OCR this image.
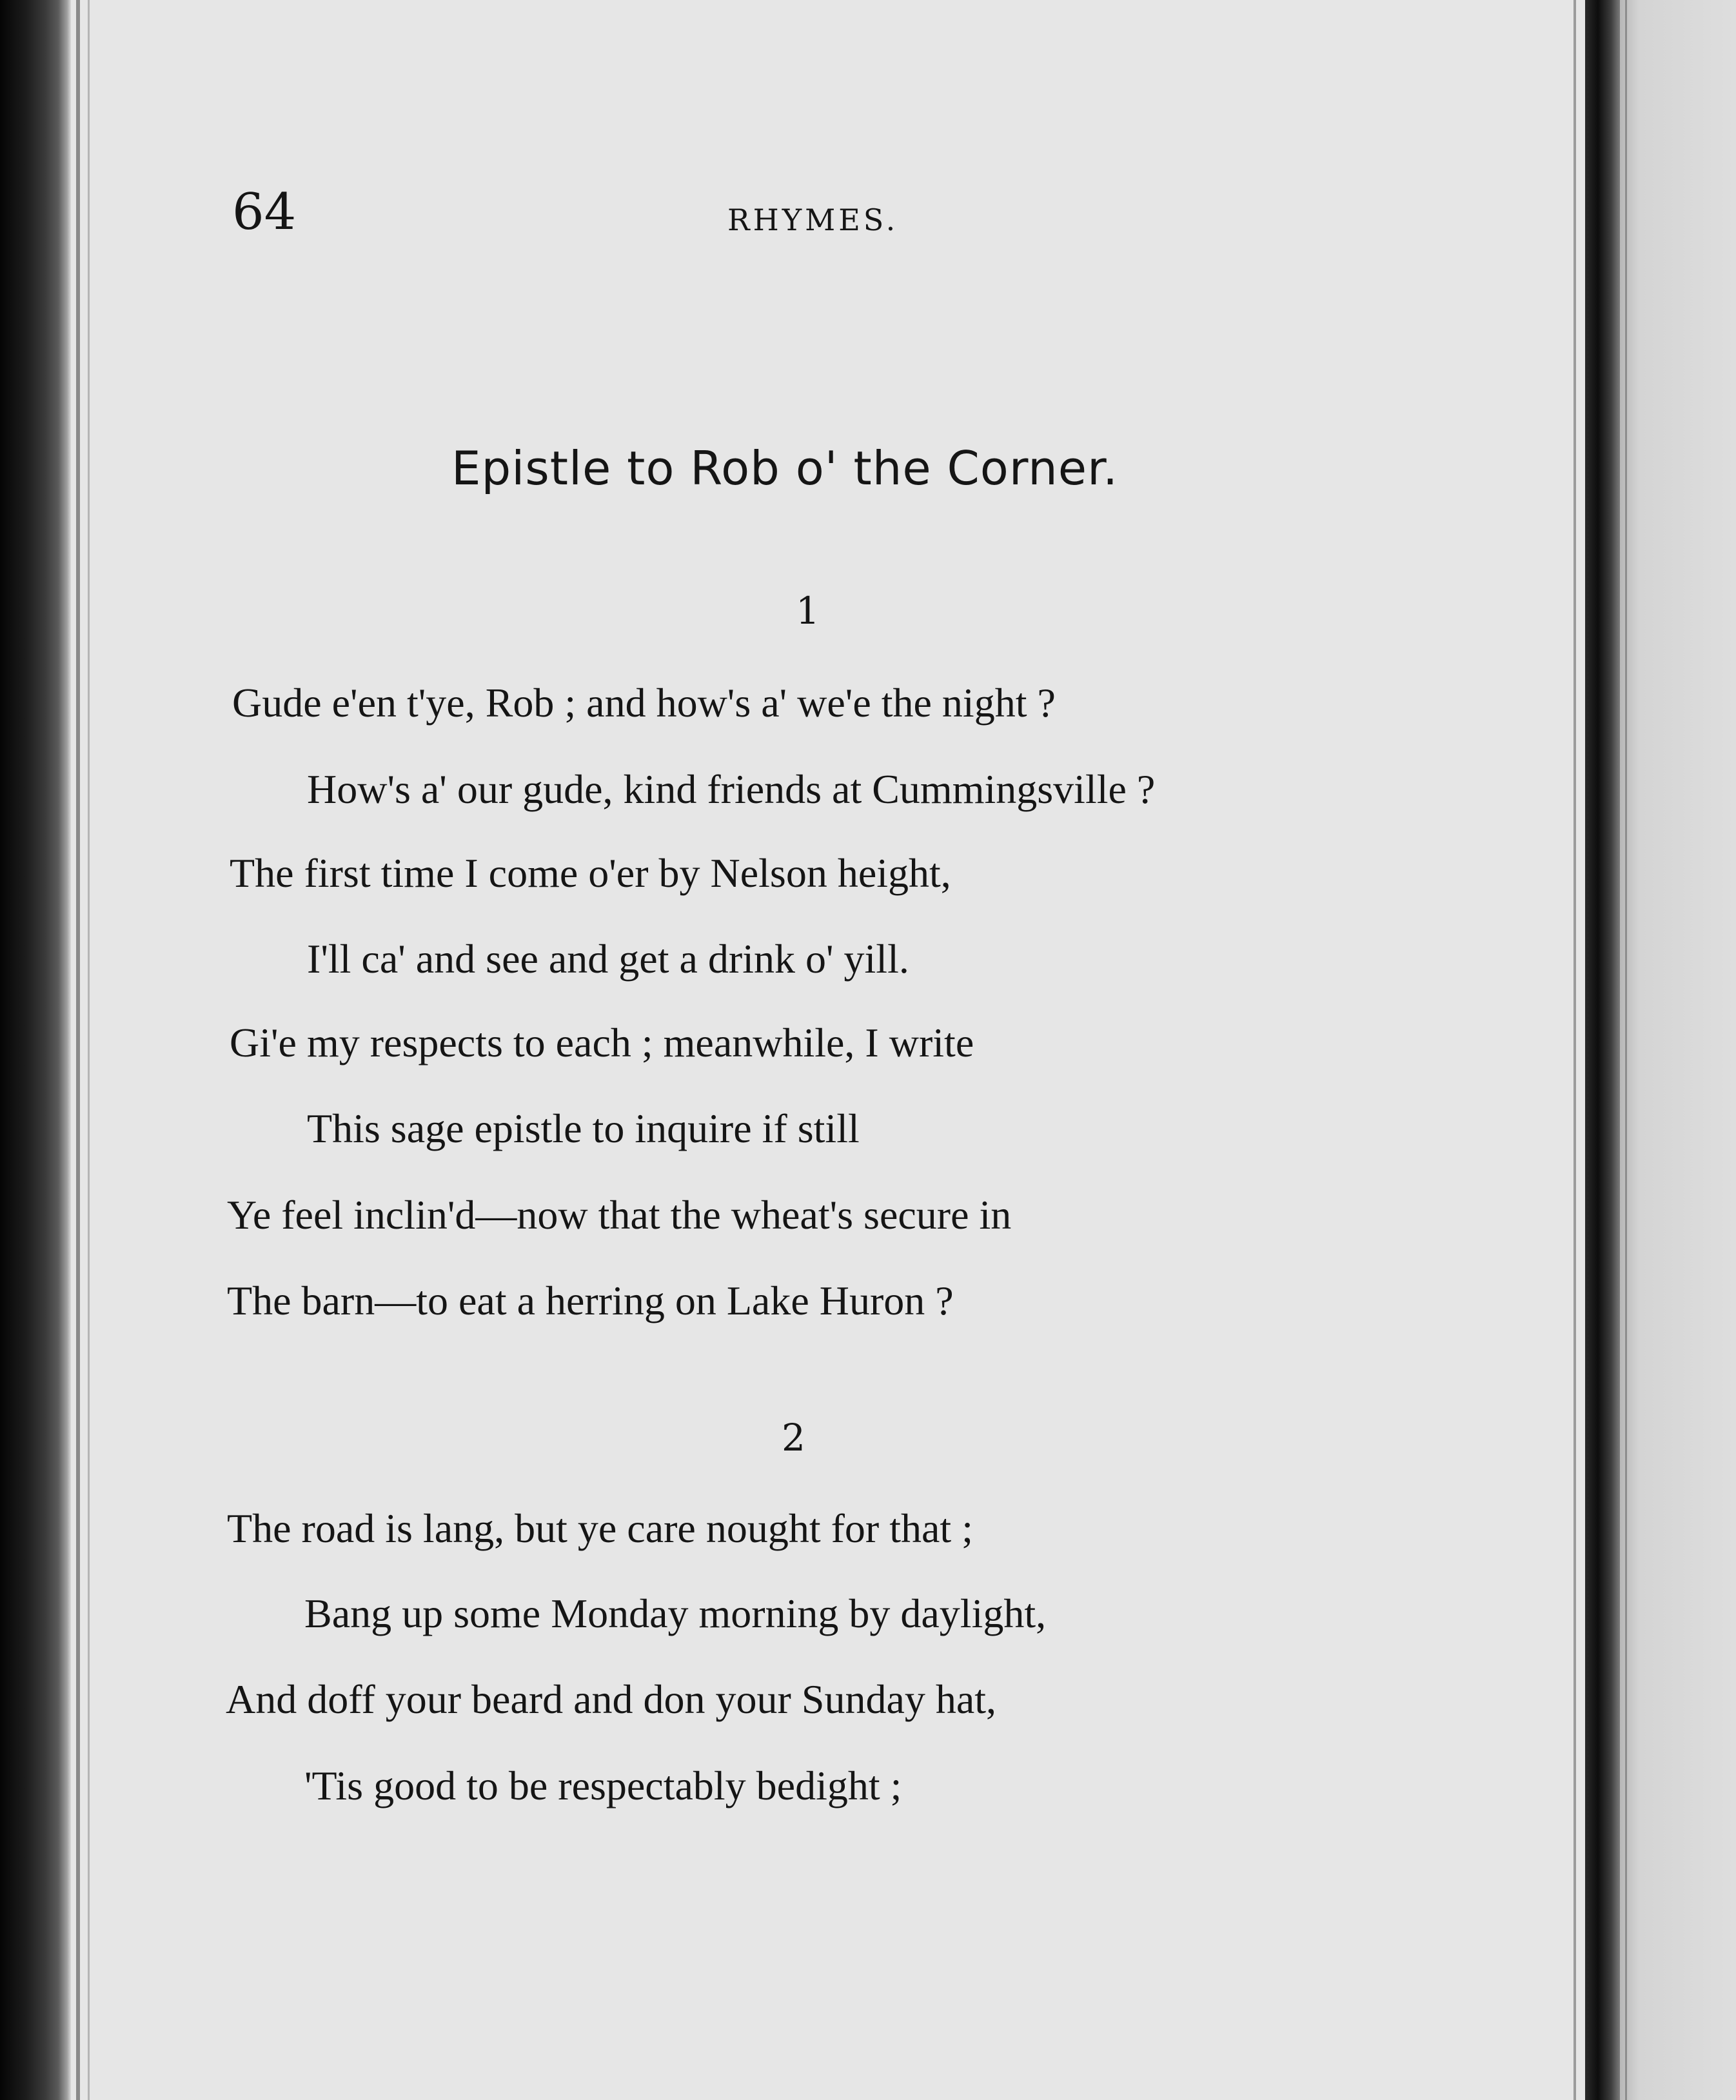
64	RHYMES.
Epistle to Rob o' the Corner.
1
Gude e'en t'ye, Rob ; and how's a' we'e the night ?
How's a' our gude, kind friends at Cummingsville ?
The first time I come o'er by Nelson height,
I'll ca' and see and get a drink o' yill.
Gi'e my respects to each ; meanwhile, I write
This sage epistle to inquire if still
Ye feel inclin'd—now that the wheat's secure in
The barn—to eat a herring on Lake Huron ?
2
The road is lang, but ye care nought for that ;
Bang up some Monday morning by daylight,
And doff your beard and don your Sunday hat,
'Tis good to be respectably bedight ;
